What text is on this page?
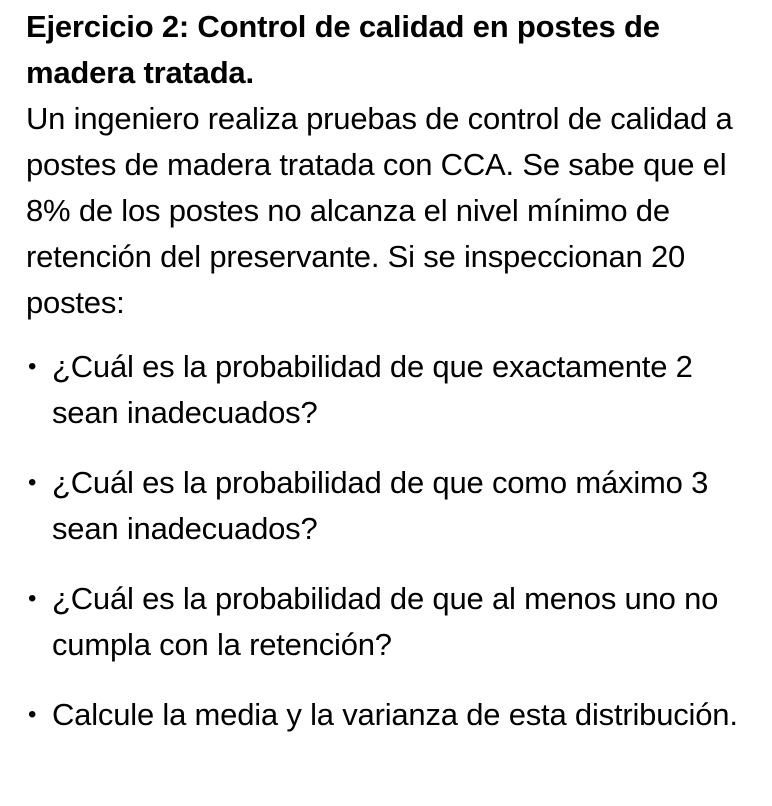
Ejercicio 2: Control de calidad en postes de madera tratada.

Un ingeniero realiza pruebas de control de calidad a postes de madera tratada con CCA. Se sabe que el 8% de los postes no alcanza el nivel mínimo de retención del preservante. Si se inspeccionan 20 postes:

• ¿Cuál es la probabilidad de que exactamente 2 sean inadecuados?
• ¿Cuál es la probabilidad de que como máximo 3 sean inadecuados?
• ¿Cuál es la probabilidad de que al menos uno no cumpla con la retención?
• Calcule la media y la varianza de esta distribución.
